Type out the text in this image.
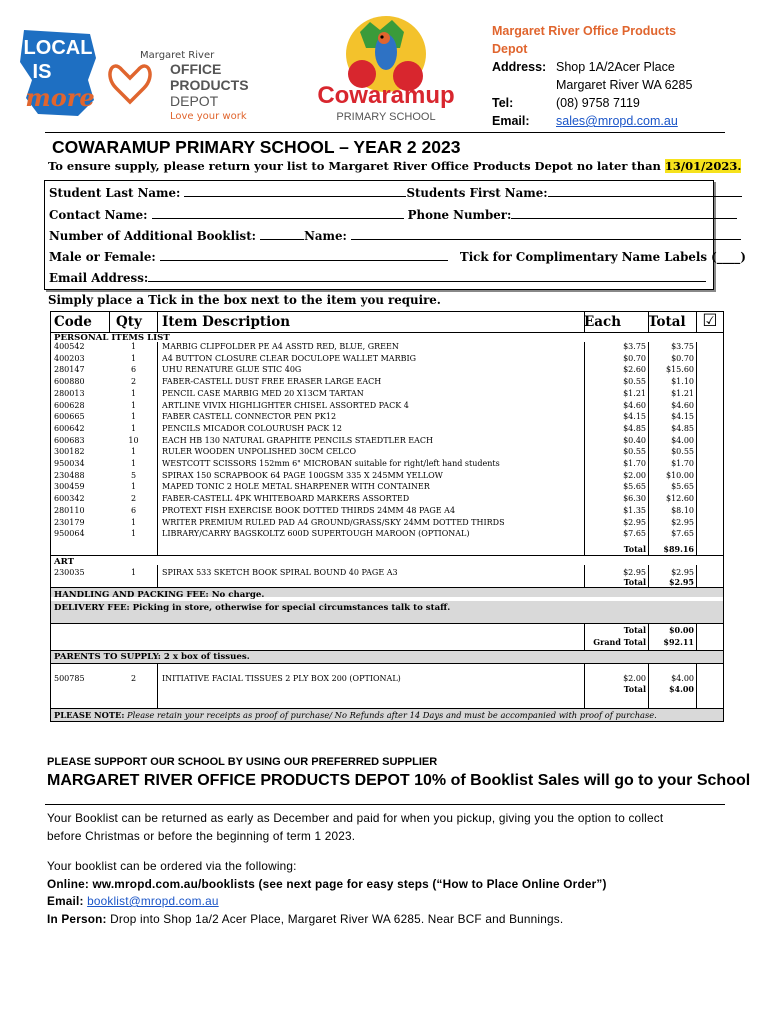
LOCAL
IS
more
Margaret River
OFFICE
PRODUCTS
DEPOT
Love your work
Cowaramup
PRIMARY SCHOOL
Margaret River Office Products Depot
Address: Shop 1A/2Acer Place
Margaret River WA 6285
Tel:	(08) 9758 7119
Email:	sales@mropd.com.au
COWARAMUP PRIMARY SCHOOL – YEAR 2 2023
To ensure supply, please return your list to Margaret River Office Products Depot no later than 13/01/2023.
Student Last Name:	Students First Name:
Contact Name:	Phone Number:
Number of Additional Booklist:	Name:
Male or Female:	Tick for Complimentary Name Labels (____)
Email Address:
Simply place a Tick in the box next to the item you require.
Code Qty Item Description	Each	Total ☑
PERSONAL ITEMS LIST
400542	1	MARBIG CLIPFOLDER PE A4 ASSTD RED, BLUE, GREEN	$3.75	$3.75
400203	1	A4 BUTTON CLOSURE CLEAR DOCULOPE WALLET MARBIG	$0.70	$0.70
280147	6	UHU RENATURE GLUE STIC 40G	$2.60	$15.60
600880	2	FABER-CASTELL DUST FREE ERASER LARGE EACH	$0.55	$1.10
280013	1	PENCIL CASE MARBIG MED 20 X13CM TARTAN	$1.21	$1.21
600628	1	ARTLINE VIVIX HIGHLIGHTER CHISEL ASSORTED PACK 4	$4.60	$4.60
600665	1	FABER CASTELL CONNECTOR PEN PK12	$4.15	$4.15
600642	1	PENCILS MICADOR COLOURUSH PACK 12	$4.85	$4.85
600683	10	EACH HB 130 NATURAL GRAPHITE PENCILS STAEDTLER EACH	$0.40	$4.00
300182	1	RULER WOODEN UNPOLISHED 30CM CELCO	$0.55	$0.55
950034	1	WESTCOTT SCISSORS 152mm 6" MICROBAN suitable for right/left hand students	$1.70	$1.70
230488	5	SPIRAX 150 SCRAPBOOK 64 PAGE 100GSM 335 X 245MM YELLOW	$2.00	$10.00
300459	1	MAPED TONIC 2 HOLE METAL SHARPENER WITH CONTAINER	$5.65	$5.65
600342	2	FABER-CASTELL 4PK WHITEBOARD MARKERS ASSORTED	$6.30	$12.60
280110	6	PROTEXT FISH EXERCISE BOOK DOTTED THIRDS 24MM 48 PAGE A4	$1.35	$8.10
230179	1	WRITER PREMIUM RULED PAD A4 GROUND/GRASS/SKY 24MM DOTTED THIRDS	$2.95	$2.95
950064	1	LIBRARY/CARRY BAGSKOLTZ 600D SUPERTOUGH MAROON (OPTIONAL)	$7.65	$7.65
Total	$89.16
ART
230035	1	SPIRAX 533 SKETCH BOOK SPIRAL BOUND 40 PAGE A3	$2.95	$2.95
Total	$2.95
HANDLING AND PACKING FEE: No charge.
DELIVERY FEE: Picking in store, otherwise for special circumstances talk to staff.
Total	$0.00
Grand Total	$92.11
PARENTS TO SUPPLY: 2 x box of tissues.
500785	2	INITIATIVE FACIAL TISSUES 2 PLY BOX 200 (OPTIONAL)	$2.00	$4.00
Total	$4.00
PLEASE NOTE: Please retain your receipts as proof of purchase/ No Refunds after 14 Days and must be accompanied with proof of purchase.
PLEASE SUPPORT OUR SCHOOL BY USING OUR PREFERRED SUPPLIER
MARGARET RIVER OFFICE PRODUCTS DEPOT 10% of Booklist Sales will go to your School
Your Booklist can be returned as early as December and paid for when you pickup, giving you the option to collect
before Christmas or before the beginning of term 1 2023.
Your booklist can be ordered via the following:
Online: ww.mropd.com.au/booklists (see next page for easy steps (“How to Place Online Order”)
Email: booklist@mropd.com.au
In Person: Drop into Shop 1a/2 Acer Place, Margaret River WA 6285. Near BCF and Bunnings.
